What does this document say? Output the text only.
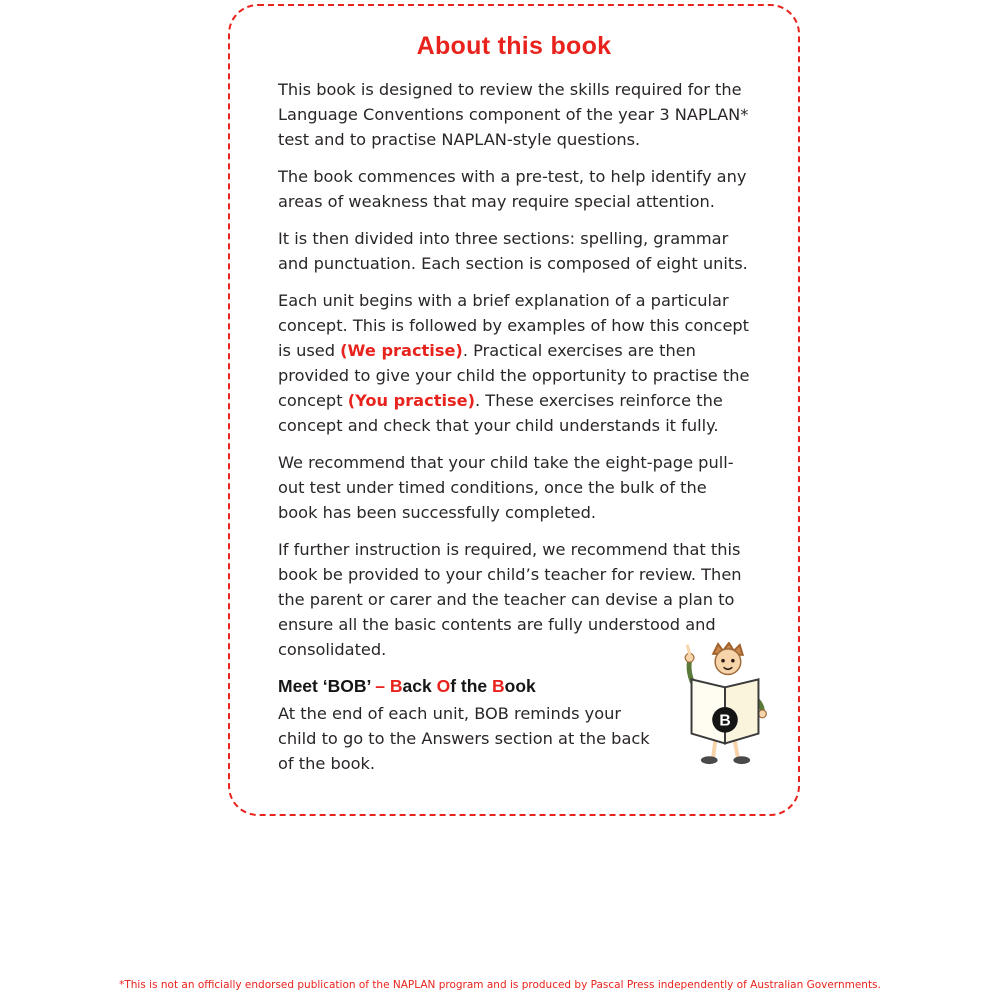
About this book

This book is designed to review the skills required for the Language Conventions component of the year 3 NAPLAN* test and to practise NAPLAN-style questions.

The book commences with a pre-test, to help identify any areas of weakness that may require special attention.

It is then divided into three sections: spelling, grammar and punctuation. Each section is composed of eight units.

Each unit begins with a brief explanation of a particular concept. This is followed by examples of how this concept is used (We practise). Practical exercises are then provided to give your child the opportunity to practise the concept (You practise). These exercises reinforce the concept and check that your child understands it fully.

We recommend that your child take the eight-page pull-out test under timed conditions, once the bulk of the book has been successfully completed.

If further instruction is required, we recommend that this book be provided to your child’s teacher for review. Then the parent or carer and the teacher can devise a plan to ensure all the basic contents are fully understood and consolidated.

Meet ‘BOB’ – Back Of the Book

At the end of each unit, BOB reminds your child to go to the Answers section at the back of the book.

B
*This is not an officially endorsed publication of the NAPLAN program and is produced by Pascal Press independently of Australian Governments.
